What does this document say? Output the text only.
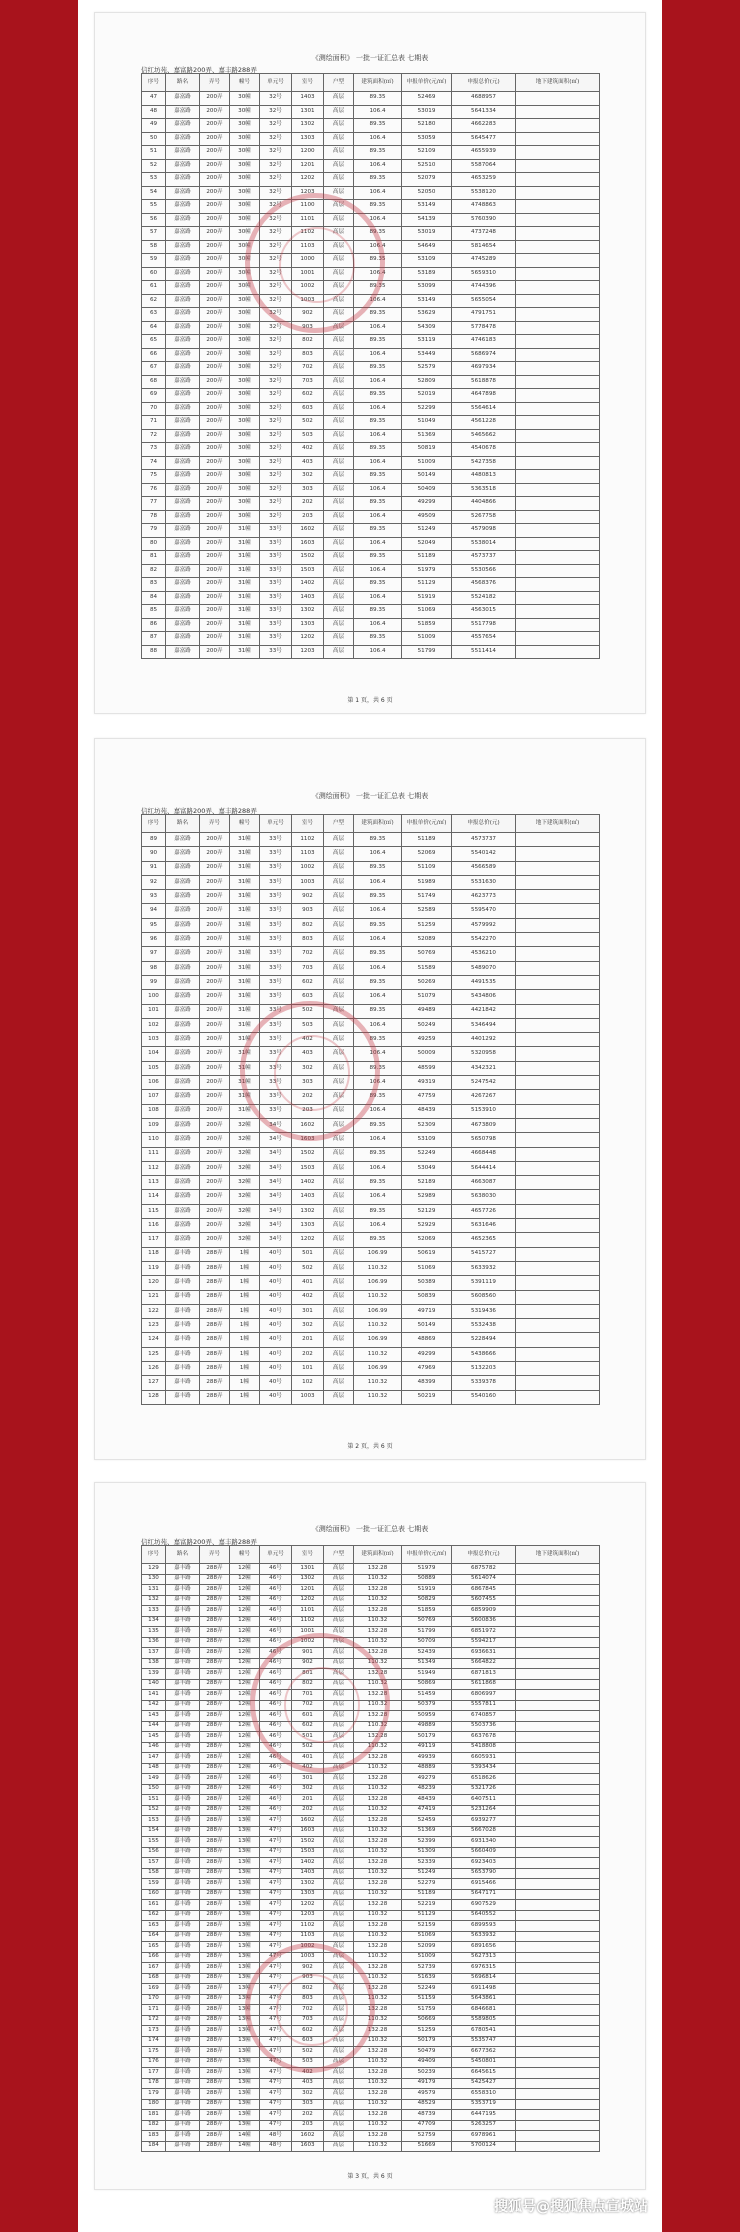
《测绘面积》 一批一证汇总表 七期表
信红坊苑、嘉富路200弄、嘉丰路288弄
序号	路名	弄号	幢号	单元号	室号	户型	建筑面积(㎡)	申报单价(元/㎡)	申报总价(元)	地下建筑面积(㎡)
47	嘉富路	200弄	30幢	32号	1403	高层	89.35	52469	4688957	
48	嘉富路	200弄	30幢	32号	1301	高层	106.4	53019	5641334	
49	嘉富路	200弄	30幢	32号	1302	高层	89.35	52180	4662283	
50	嘉富路	200弄	30幢	32号	1303	高层	106.4	53059	5645477	
51	嘉富路	200弄	30幢	32号	1200	高层	89.35	52109	4655939	
52	嘉富路	200弄	30幢	32号	1201	高层	106.4	52510	5587064	
53	嘉富路	200弄	30幢	32号	1202	高层	89.35	52079	4653259	
54	嘉富路	200弄	30幢	32号	1203	高层	106.4	52050	5538120	
55	嘉富路	200弄	30幢	32号	1100	高层	89.35	53149	4748863	
56	嘉富路	200弄	30幢	32号	1101	高层	106.4	54139	5760390	
57	嘉富路	200弄	30幢	32号	1102	高层	89.35	53019	4737248	
58	嘉富路	200弄	30幢	32号	1103	高层	106.4	54649	5814654	
59	嘉富路	200弄	30幢	32号	1000	高层	89.35	53109	4745289	
60	嘉富路	200弄	30幢	32号	1001	高层	106.4	53189	5659310	
61	嘉富路	200弄	30幢	32号	1002	高层	89.35	53099	4744396	
62	嘉富路	200弄	30幢	32号	1003	高层	106.4	53149	5655054	
63	嘉富路	200弄	30幢	32号	902	高层	89.35	53629	4791751	
64	嘉富路	200弄	30幢	32号	903	高层	106.4	54309	5778478	
65	嘉富路	200弄	30幢	32号	802	高层	89.35	53119	4746183	
66	嘉富路	200弄	30幢	32号	803	高层	106.4	53449	5686974	
67	嘉富路	200弄	30幢	32号	702	高层	89.35	52579	4697934	
68	嘉富路	200弄	30幢	32号	703	高层	106.4	52809	5618878	
69	嘉富路	200弄	30幢	32号	602	高层	89.35	52019	4647898	
70	嘉富路	200弄	30幢	32号	603	高层	106.4	52299	5564614	
71	嘉富路	200弄	30幢	32号	502	高层	89.35	51049	4561228	
72	嘉富路	200弄	30幢	32号	503	高层	106.4	51369	5465662	
73	嘉富路	200弄	30幢	32号	402	高层	89.35	50819	4540678	
74	嘉富路	200弄	30幢	32号	403	高层	106.4	51009	5427358	
75	嘉富路	200弄	30幢	32号	302	高层	89.35	50149	4480813	
76	嘉富路	200弄	30幢	32号	303	高层	106.4	50409	5363518	
77	嘉富路	200弄	30幢	32号	202	高层	89.35	49299	4404866	
78	嘉富路	200弄	30幢	32号	203	高层	106.4	49509	5267758	
79	嘉富路	200弄	31幢	33号	1602	高层	89.35	51249	4579098	
80	嘉富路	200弄	31幢	33号	1603	高层	106.4	52049	5538014	
81	嘉富路	200弄	31幢	33号	1502	高层	89.35	51189	4573737	
82	嘉富路	200弄	31幢	33号	1503	高层	106.4	51979	5530566	
83	嘉富路	200弄	31幢	33号	1402	高层	89.35	51129	4568376	
84	嘉富路	200弄	31幢	33号	1403	高层	106.4	51919	5524182	
85	嘉富路	200弄	31幢	33号	1302	高层	89.35	51069	4563015	
86	嘉富路	200弄	31幢	33号	1303	高层	106.4	51859	5517798	
87	嘉富路	200弄	31幢	33号	1202	高层	89.35	51009	4557654	
88	嘉富路	200弄	31幢	33号	1203	高层	106.4	51799	5511414	
第 1 页，共 6 页
《测绘面积》 一批一证汇总表 七期表
信红坊苑、嘉富路200弄、嘉丰路288弄
序号	路名	弄号	幢号	单元号	室号	户型	建筑面积(㎡)	申报单价(元/㎡)	申报总价(元)	地下建筑面积(㎡)
89	嘉富路	200弄	31幢	33号	1102	高层	89.35	51189	4573737	
90	嘉富路	200弄	31幢	33号	1103	高层	106.4	52069	5540142	
91	嘉富路	200弄	31幢	33号	1002	高层	89.35	51109	4566589	
92	嘉富路	200弄	31幢	33号	1003	高层	106.4	51989	5531630	
93	嘉富路	200弄	31幢	33号	902	高层	89.35	51749	4623773	
94	嘉富路	200弄	31幢	33号	903	高层	106.4	52589	5595470	
95	嘉富路	200弄	31幢	33号	802	高层	89.35	51259	4579992	
96	嘉富路	200弄	31幢	33号	803	高层	106.4	52089	5542270	
97	嘉富路	200弄	31幢	33号	702	高层	89.35	50769	4536210	
98	嘉富路	200弄	31幢	33号	703	高层	106.4	51589	5489070	
99	嘉富路	200弄	31幢	33号	602	高层	89.35	50269	4491535	
100	嘉富路	200弄	31幢	33号	603	高层	106.4	51079	5434806	
101	嘉富路	200弄	31幢	33号	502	高层	89.35	49489	4421842	
102	嘉富路	200弄	31幢	33号	503	高层	106.4	50249	5346494	
103	嘉富路	200弄	31幢	33号	402	高层	89.35	49259	4401292	
104	嘉富路	200弄	31幢	33号	403	高层	106.4	50009	5320958	
105	嘉富路	200弄	31幢	33号	302	高层	89.35	48599	4342321	
106	嘉富路	200弄	31幢	33号	303	高层	106.4	49319	5247542	
107	嘉富路	200弄	31幢	33号	202	高层	89.35	47759	4267267	
108	嘉富路	200弄	31幢	33号	203	高层	106.4	48439	5153910	
109	嘉富路	200弄	32幢	34号	1602	高层	89.35	52309	4673809	
110	嘉富路	200弄	32幢	34号	1603	高层	106.4	53109	5650798	
111	嘉富路	200弄	32幢	34号	1502	高层	89.35	52249	4668448	
112	嘉富路	200弄	32幢	34号	1503	高层	106.4	53049	5644414	
113	嘉富路	200弄	32幢	34号	1402	高层	89.35	52189	4663087	
114	嘉富路	200弄	32幢	34号	1403	高层	106.4	52989	5638030	
115	嘉富路	200弄	32幢	34号	1302	高层	89.35	52129	4657726	
116	嘉富路	200弄	32幢	34号	1303	高层	106.4	52929	5631646	
117	嘉富路	200弄	32幢	34号	1202	高层	89.35	52069	4652365	
118	嘉丰路	288弄	1幢	40号	501	高层	106.99	50619	5415727	
119	嘉丰路	288弄	1幢	40号	502	高层	110.32	51069	5633932	
120	嘉丰路	288弄	1幢	40号	401	高层	106.99	50389	5391119	
121	嘉丰路	288弄	1幢	40号	402	高层	110.32	50839	5608560	
122	嘉丰路	288弄	1幢	40号	301	高层	106.99	49719	5319436	
123	嘉丰路	288弄	1幢	40号	302	高层	110.32	50149	5532438	
124	嘉丰路	288弄	1幢	40号	201	高层	106.99	48869	5228494	
125	嘉丰路	288弄	1幢	40号	202	高层	110.32	49299	5438666	
126	嘉丰路	288弄	1幢	40号	101	高层	106.99	47969	5132203	
127	嘉丰路	288弄	1幢	40号	102	高层	110.32	48399	5339378	
128	嘉丰路	288弄	1幢	40号	1003	高层	110.32	50219	5540160	
第 2 页，共 6 页
《测绘面积》 一批一证汇总表 七期表
信红坊苑、嘉富路200弄、嘉丰路288弄
序号	路名	弄号	幢号	单元号	室号	户型	建筑面积(㎡)	申报单价(元/㎡)	申报总价(元)	地下建筑面积(㎡)
129	嘉丰路	288弄	12幢	46号	1301	高层	132.28	51979	6875782	
130	嘉丰路	288弄	12幢	46号	1302	高层	110.32	50889	5614074	
131	嘉丰路	288弄	12幢	46号	1201	高层	132.28	51919	6867845	
132	嘉丰路	288弄	12幢	46号	1202	高层	110.32	50829	5607455	
133	嘉丰路	288弄	12幢	46号	1101	高层	132.28	51859	6859909	
134	嘉丰路	288弄	12幢	46号	1102	高层	110.32	50769	5600836	
135	嘉丰路	288弄	12幢	46号	1001	高层	132.28	51799	6851972	
136	嘉丰路	288弄	12幢	46号	1002	高层	110.32	50709	5594217	
137	嘉丰路	288弄	12幢	46号	901	高层	132.28	52439	6936631	
138	嘉丰路	288弄	12幢	46号	902	高层	110.32	51349	5664822	
139	嘉丰路	288弄	12幢	46号	801	高层	132.28	51949	6871813	
140	嘉丰路	288弄	12幢	46号	802	高层	110.32	50869	5611868	
141	嘉丰路	288弄	12幢	46号	701	高层	132.28	51459	6806997	
142	嘉丰路	288弄	12幢	46号	702	高层	110.32	50379	5557811	
143	嘉丰路	288弄	12幢	46号	601	高层	132.28	50959	6740857	
144	嘉丰路	288弄	12幢	46号	602	高层	110.32	49889	5503736	
145	嘉丰路	288弄	12幢	46号	501	高层	132.28	50179	6637678	
146	嘉丰路	288弄	12幢	46号	502	高层	110.32	49119	5418808	
147	嘉丰路	288弄	12幢	46号	401	高层	132.28	49939	6605931	
148	嘉丰路	288弄	12幢	46号	402	高层	110.32	48889	5393434	
149	嘉丰路	288弄	12幢	46号	301	高层	132.28	49279	6518626	
150	嘉丰路	288弄	12幢	46号	302	高层	110.32	48239	5321726	
151	嘉丰路	288弄	12幢	46号	201	高层	132.28	48439	6407511	
152	嘉丰路	288弄	12幢	46号	202	高层	110.32	47419	5231264	
153	嘉丰路	288弄	13幢	47号	1602	高层	132.28	52459	6939277	
154	嘉丰路	288弄	13幢	47号	1603	高层	110.32	51369	5667028	
155	嘉丰路	288弄	13幢	47号	1502	高层	132.28	52399	6931340	
156	嘉丰路	288弄	13幢	47号	1503	高层	110.32	51309	5660409	
157	嘉丰路	288弄	13幢	47号	1402	高层	132.28	52339	6923403	
158	嘉丰路	288弄	13幢	47号	1403	高层	110.32	51249	5653790	
159	嘉丰路	288弄	13幢	47号	1302	高层	132.28	52279	6915466	
160	嘉丰路	288弄	13幢	47号	1303	高层	110.32	51189	5647171	
161	嘉丰路	288弄	13幢	47号	1202	高层	132.28	52219	6907529	
162	嘉丰路	288弄	13幢	47号	1203	高层	110.32	51129	5640552	
163	嘉丰路	288弄	13幢	47号	1102	高层	132.28	52159	6899593	
164	嘉丰路	288弄	13幢	47号	1103	高层	110.32	51069	5633932	
165	嘉丰路	288弄	13幢	47号	1002	高层	132.28	52099	6891656	
166	嘉丰路	288弄	13幢	47号	1003	高层	110.32	51009	5627313	
167	嘉丰路	288弄	13幢	47号	902	高层	132.28	52739	6976315	
168	嘉丰路	288弄	13幢	47号	903	高层	110.32	51639	5696814	
169	嘉丰路	288弄	13幢	47号	802	高层	132.28	52249	6911498	
170	嘉丰路	288弄	13幢	47号	803	高层	110.32	51159	5643861	
171	嘉丰路	288弄	13幢	47号	702	高层	132.28	51759	6846681	
172	嘉丰路	288弄	13幢	47号	703	高层	110.32	50669	5589805	
173	嘉丰路	288弄	13幢	47号	602	高层	132.28	51259	6780541	
174	嘉丰路	288弄	13幢	47号	603	高层	110.32	50179	5535747	
175	嘉丰路	288弄	13幢	47号	502	高层	132.28	50479	6677362	
176	嘉丰路	288弄	13幢	47号	503	高层	110.32	49409	5450801	
177	嘉丰路	288弄	13幢	47号	402	高层	132.28	50239	6645615	
178	嘉丰路	288弄	13幢	47号	403	高层	110.32	49179	5425427	
179	嘉丰路	288弄	13幢	47号	302	高层	132.28	49579	6558310	
180	嘉丰路	288弄	13幢	47号	303	高层	110.32	48529	5353719	
181	嘉丰路	288弄	13幢	47号	202	高层	132.28	48739	6447195	
182	嘉丰路	288弄	13幢	47号	203	高层	110.32	47709	5263257	
183	嘉丰路	288弄	14幢	48号	1602	高层	132.28	52759	6978961	
184	嘉丰路	288弄	14幢	48号	1603	高层	110.32	51669	5700124	
第 3 页，共 6 页
搜狐号@搜狐焦点宣城站
